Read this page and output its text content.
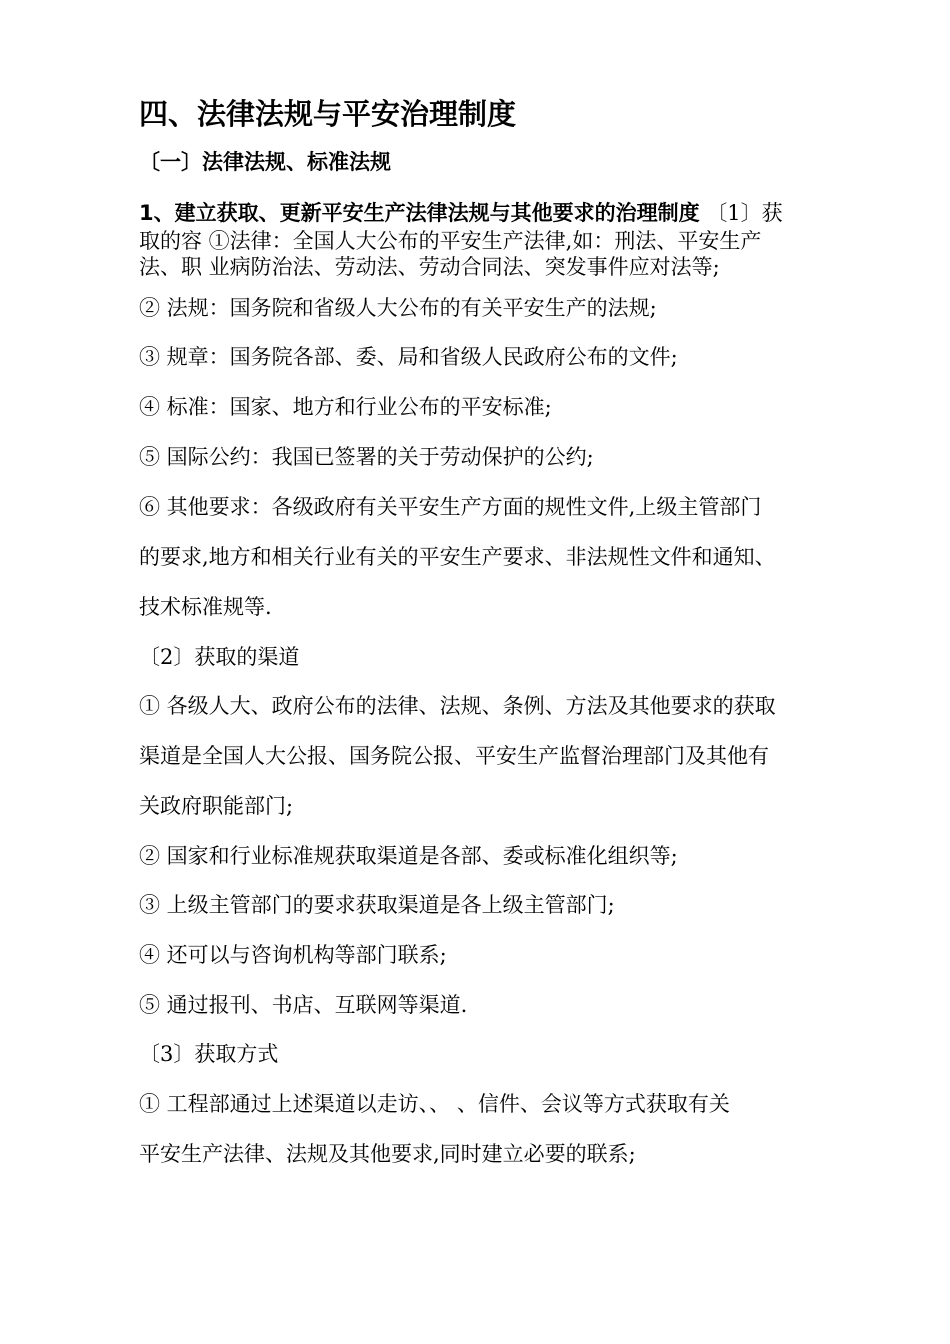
四、法律法规与平安治理制度
〔一〕法律法规、标准法规
1、建立获取、更新平安生产法律法规与其他要求的治理制度 〔1〕获
取的容 ①法律：全国人大公布的平安生产法律,如：刑法、平安生产
法、职 业病防治法、劳动法、劳动合同法、突发事件应对法等;
② 法规：国务院和省级人大公布的有关平安生产的法规;
③ 规章：国务院各部、委、局和省级人民政府公布的文件;
④ 标准：国家、地方和行业公布的平安标准;
⑤ 国际公约：我国已签署的关于劳动保护的公约;
⑥ 其他要求：各级政府有关平安生产方面的规性文件,上级主管部门
的要求,地方和相关行业有关的平安生产要求、非法规性文件和通知、
技术标准规等.
〔2〕获取的渠道
① 各级人大、政府公布的法律、法规、条例、方法及其他要求的获取
渠道是全国人大公报、国务院公报、平安生产监督治理部门及其他有
关政府职能部门;
② 国家和行业标准规获取渠道是各部、委或标准化组织等;
③ 上级主管部门的要求获取渠道是各上级主管部门;
④ 还可以与咨询机构等部门联系;
⑤ 通过报刊、书店、互联网等渠道.
〔3〕获取方式
① 工程部通过上述渠道以走访、、 、信件、会议等方式获取有关
平安生产法律、法规及其他要求,同时建立必要的联系;
